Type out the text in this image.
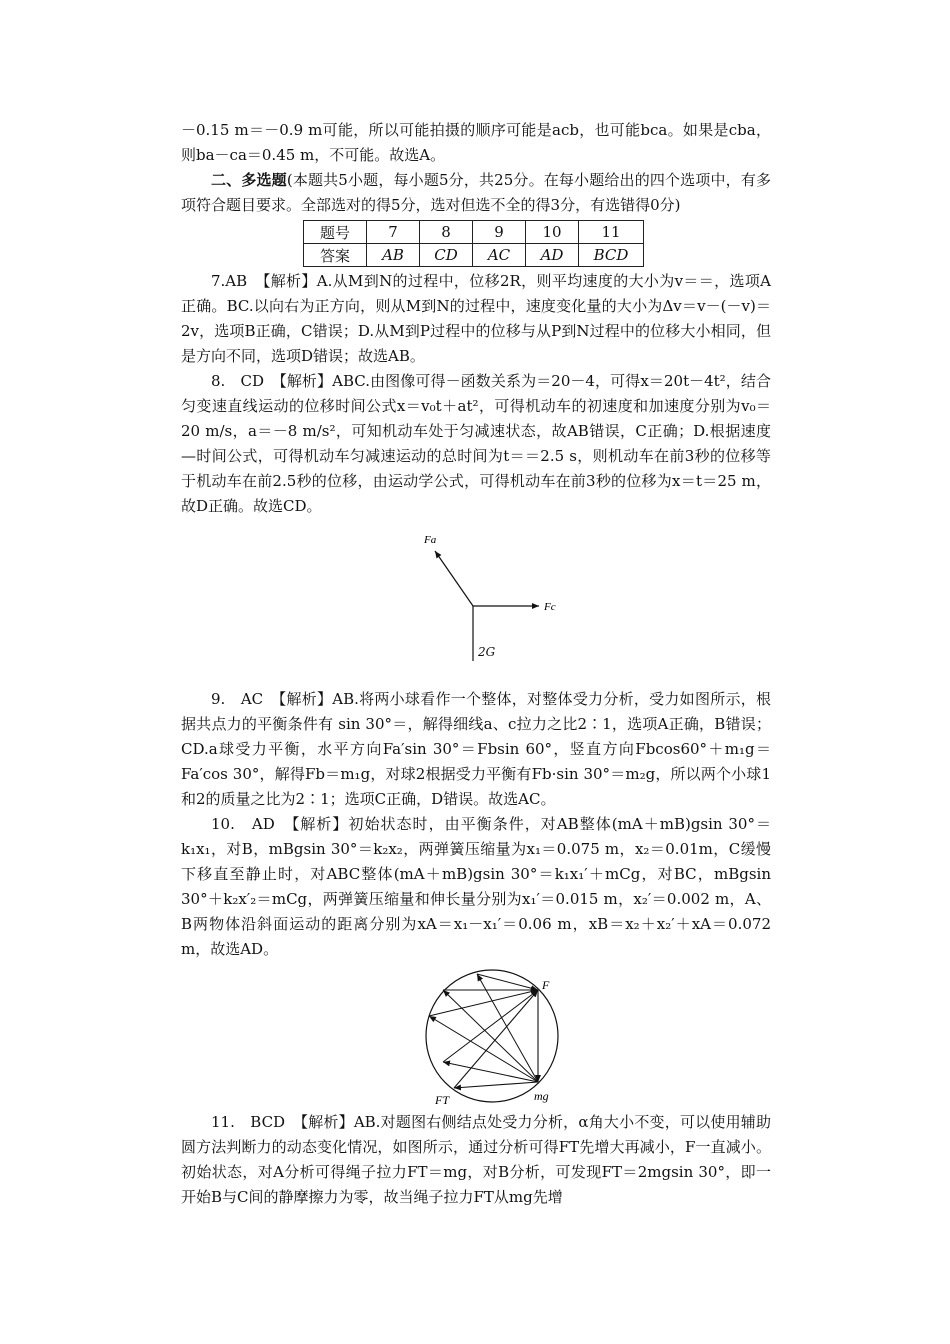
－0.15 m＝－0.9 m可能，所以可能拍摄的顺序可能是acb，也可能bca。如果是cba，则ba－ca＝0.45 m，不可能。故选A。

二、多选题(本题共5小题，每小题5分，共25分。在每小题给出的四个选项中，有多项符合题目要求。全部选对的得5分，选对但选不全的得3分，有选错得0分)

题号	7	8	9	10	11
答案	AB	CD	AC	AD	BCD

7.AB　【解析】A.从M到N的过程中，位移2R，则平均速度的大小为v＝＝，选项A正确。BC.以向右为正方向，则从M到N的过程中，速度变化量的大小为Δv＝v－(－v)＝2v，选项B正确，C错误；D.从M到P过程中的位移与从P到N过程中的位移大小相同，但是方向不同，选项D错误；故选AB。

8.　CD　【解析】ABC.由图像可得－函数关系为＝20－4，可得x＝20t－4t²，结合匀变速直线运动的位移时间公式x＝v₀t＋at²，可得机动车的初速度和加速度分别为v₀＝20 m/s，a＝－8 m/s²，可知机动车处于匀减速状态，故AB错误，C正确；D.根据速度—时间公式，可得机动车匀减速运动的总时间为t＝＝2.5 s，则机动车在前3秒的位移等于机动车在前2.5秒的位移，由运动学公式，可得机动车在前3秒的位移为x＝t＝25 m，故D正确。故选CD。

Fa
Fc

$^{2G}$

9.　AC　【解析】AB.将两小球看作一个整体，对整体受力分析，受力如图所示，根据共点力的平衡条件有 sin 30°＝，解得细线a、c拉力之比2∶1，选项A正确，B错误；CD.a球受力平衡，水平方向Fa′sin 30°＝Fbsin 60°，竖直方向Fbcos60°＋m₁g＝Fa′cos 30°，解得Fb＝m₁g，对球2根据受力平衡有Fb·sin 30°＝m₂g，所以两个小球1和2的质量之比为2∶1；选项C正确，D错误。故选AC。

10.　AD　【解析】初始状态时，由平衡条件，对AB整体(mA＋mB)gsin 30°＝k₁x₁，对B，mBgsin 30°＝k₂x₂，两弹簧压缩量为x₁＝0.075 m，x₂＝0.01m，C缓慢下移直至静止时，对ABC整体(mA＋mB)gsin 30°＝k₁x₁′＋mCg，对BC，mBgsin 30°＋k₂x′₂＝mCg，两弹簧压缩量和伸长量分别为x₁′＝0.015 m，x₂′＝0.002 m，A、B两物体沿斜面运动的距离分别为xA＝x₁－x₁′＝0.06 m，xB＝x₂＋x₂′＋xA＝0.072 m，故选AD。

F
FT	mg

11.　BCD　【解析】AB.对题图右侧结点处受力分析，α角大小不变，可以使用辅助圆方法判断力的动态变化情况，如图所示，通过分析可得FT先增大再减小，F一直减小。初始状态，对A分析可得绳子拉力FT＝mg，对B分析，可发现FT＝2mgsin 30°，即一开始B与C间的静摩擦力为零，故当绳子拉力FT从mg先增
